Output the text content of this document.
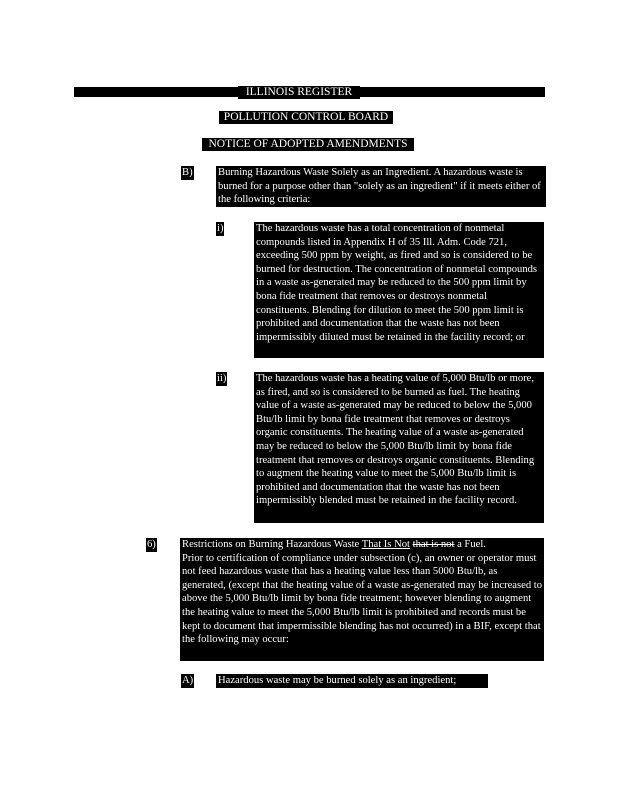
ILLINOIS REGISTER
POLLUTION CONTROL BOARD
NOTICE OF ADOPTED AMENDMENTS
B) Burning Hazardous Waste Solely as an Ingredient. A hazardous waste is burned for a purpose other than "solely as an ingredient" if it meets either of the following criteria:

i)	The hazardous waste has a total concentration of nonmetal compounds listed in Appendix H of 35 Ill. Adm. Code 721, exceeding 500 ppm by weight, as fired and so is considered to be burned for destruction. The concentration of nonmetal compounds in a waste as-generated may be reduced to the 500 ppm limit by bona fide treatment that removes or destroys nonmetal constituents. Blending for dilution to meet the 500 ppm limit is prohibited and documentation that the waste has not been impermissibly diluted must be retained in the facility record; or

ii)	The hazardous waste has a heating value of 5,000 Btu/lb or more, as fired, and so is considered to be burned as fuel. The heating value of a waste as-generated may be reduced to below the 5,000 Btu/lb limit by bona fide treatment that removes or destroys organic constituents. The heating value of a waste as-generated may be reduced to below the 5,000 Btu/lb limit by bona fide treatment that removes or destroys organic constituents. Blending to augment the heating value to meet the 5,000 Btu/lb limit is prohibited and documentation that the waste has not been impermissibly blended must be retained in the facility record.

6) Restrictions on Burning Hazardous Waste That Is Not that is not a Fuel.

Prior to certification of compliance under subsection (c), an owner or operator must not feed hazardous waste that has a heating value less than 5000 Btu/lb, as generated, (except that the heating value of a waste as-generated may be increased to above the 5,000 Btu/lb limit by bona fide treatment; however blending to augment the heating value to meet the 5,000 Btu/lb limit is prohibited and records must be kept to document that impermissible blending has not occurred) in a BIF, except that the following may occur:

A) Hazardous waste may be burned solely as an ingredient;
